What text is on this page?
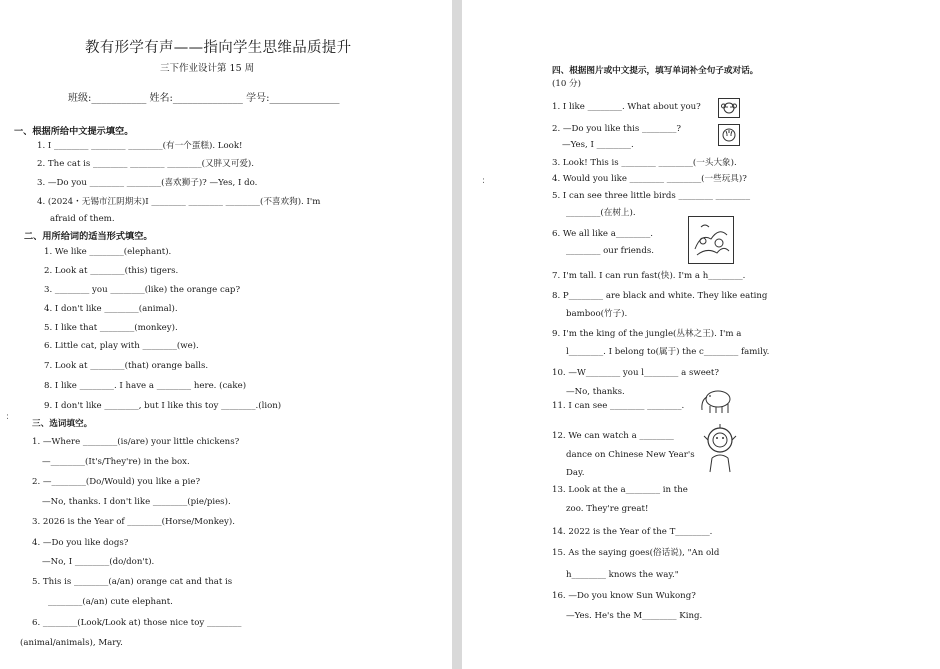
教有形学有声——指向学生思维品质提升
三下作业设计第 15 周
班级:___________ 姓名:______________ 学号:______________
一、根据所给中文提示填空。
1. I ________ ________ ________(有一个蛋糕). Look!
2. The cat is ________ ________ ________(又胖又可爱).
3. —Do you ________ ________(喜欢狮子)? —Yes, I do.
4. (2024・无锡市江阴期末)I ________ ________ ________(不喜欢狗). I'm
afraid of them.
二、用所给词的适当形式填空。
1. We like ________(elephant).
2. Look at ________(this) tigers.
3. ________ you ________(like) the orange cap?
4. I don't like ________(animal).
5. I like that ________(monkey).
6. Little cat, play with ________(we).
7. Look at ________(that) orange balls.
8. I like ________. I have a ________ here. (cake)
9. I don't like ________, but I like this toy ________.(lion)
三、选词填空。
1. —Where ________(is/are) your little chickens?
—________(It's/They're) in the box.
2. —________(Do/Would) you like a pie?
—No, thanks. I don't like ________(pie/pies).
3. 2026 is the Year of ________(Horse/Monkey).
4. —Do you like dogs?
—No, I ________(do/don't).
5. This is ________(a/an) orange cat and that is
________(a/an) cute elephant.
6. ________(Look/Look at) those nice toy ________
(animal/animals), Mary.
:
四、根据图片或中文提示，填写单词补全句子或对话。
(10 分)
1. I like ________. What about you?
2. —Do you like this ________?
—Yes, I ________.
3. Look! This is ________ ________(一头大象).
4. Would you like ________ ________(一些玩具)?
5. I can see three little birds ________ ________
________(在树上).
6. We all like a________.
________ our friends.
7. I'm tall. I can run fast(快). I'm a h________.
8. P________ are black and white. They like eating
bamboo(竹子).
9. I'm the king of the jungle(丛林之王). I'm a
l________. I belong to(属于) the c________ family.
10. —W________ you l________ a sweet?
—No, thanks.
11. I can see ________ ________.
12. We can watch a ________
dance on Chinese New Year's
Day.
13. Look at the a________ in the
zoo. They're great!
14. 2022 is the Year of the T________.
15. As the saying goes(俗话说), "An old
h________ knows the way."
16. —Do you know Sun Wukong?
—Yes. He's the M________ King.
:
